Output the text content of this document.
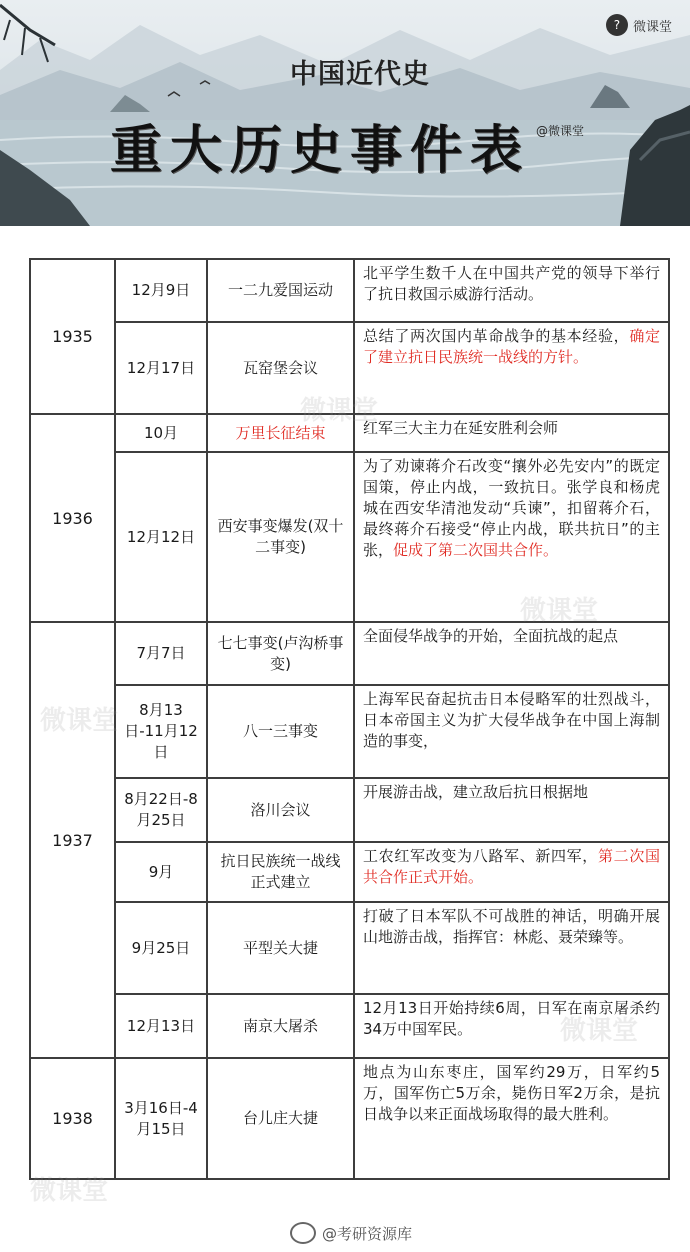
? 微课堂
中国近代史
重大历史事件表 @微课堂
1935	12月9日	一二九爱国运动	北平学生数千人在中国共产党的领导下举行了抗日救国示威游行活动。
	12月17日	瓦窑堡会议	总结了两次国内革命战争的基本经验，确定了建立抗日民族统一战线的方针。
1936	10月	万里长征结束	红军三大主力在延安胜利会师
	12月12日	西安事变爆发(双十二事变)	为了劝谏蒋介石改变“攘外必先安内”的既定国策，停止内战，一致抗日。张学良和杨虎城在西安华清池发动“兵谏”，扣留蒋介石，最终蒋介石接受“停止内战，联共抗日”的主张，促成了第二次国共合作。
1937	7月7日	七七事变(卢沟桥事变)	全面侵华战争的开始，全面抗战的起点
	8月13日-11月12日	八一三事变	上海军民奋起抗击日本侵略军的壮烈战斗，日本帝国主义为扩大侵华战争在中国上海制造的事变，
	8月22日-8月25日	洛川会议	开展游击战，建立敌后抗日根据地
	9月	抗日民族统一战线正式建立	工农红军改变为八路军、新四军，第二次国共合作正式开始。
	9月25日	平型关大捷	打破了日本军队不可战胜的神话，明确开展山地游击战，指挥官：林彪、聂荣臻等。
	12月13日	南京大屠杀	12月13日开始持续6周，日军在南京屠杀约34万中国军民。
1938	3月16日-4月15日	台儿庄大捷	地点为山东枣庄，国军约29万，日军约5万，国军伤亡5万余，毙伤日军2万余，是抗日战争以来正面战场取得的最大胜利。
微课堂
@考研资源库
